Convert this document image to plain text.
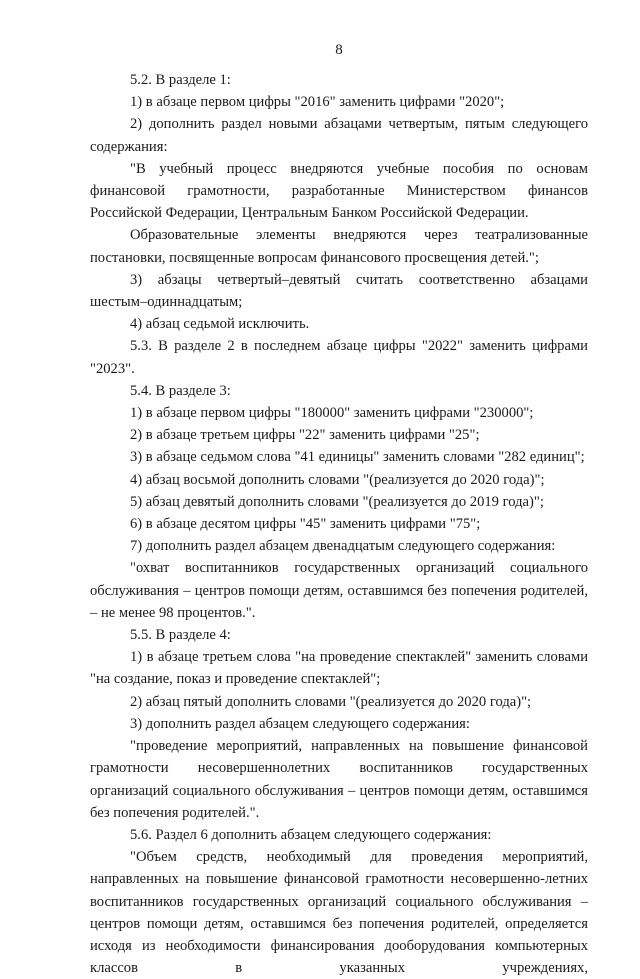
8

5.2. В разделе 1:

1) в абзаце первом цифры "2016" заменить цифрами "2020";

2) дополнить раздел новыми абзацами четвертым, пятым следующего содержания:

"В учебный процесс внедряются учебные пособия по основам финансовой грамотности, разработанные Министерством финансов Российской Федерации, Центральным Банком Российской Федерации.

Образовательные элементы внедряются через театрализованные постановки, посвященные вопросам финансового просвещения детей.";

3) абзацы четвертый–девятый считать соответственно абзацами шестым–одиннадцатым;

4) абзац седьмой исключить.

5.3. В разделе 2 в последнем абзаце цифры "2022" заменить цифрами "2023".

5.4. В разделе 3:

1) в абзаце первом цифры "180000" заменить цифрами "230000";

2) в абзаце третьем цифры "22" заменить цифрами "25";

3) в абзаце седьмом слова "41 единицы" заменить словами "282 единиц";

4) абзац восьмой дополнить словами "(реализуется до 2020 года)";

5) абзац девятый дополнить словами "(реализуется до 2019 года)";

6) в абзаце десятом цифры "45" заменить цифрами "75";

7) дополнить раздел абзацем двенадцатым следующего содержания:

"охват воспитанников государственных организаций социального обслуживания – центров помощи детям, оставшимся без попечения родителей, – не менее 98 процентов.".

5.5. В разделе 4:

1) в абзаце третьем слова "на проведение спектаклей" заменить словами "на создание, показ и проведение спектаклей";

2) абзац пятый дополнить словами "(реализуется до 2020 года)";

3) дополнить раздел абзацем следующего содержания:

"проведение мероприятий, направленных на повышение финансовой грамотности несовершеннолетних воспитанников государственных организаций социального обслуживания – центров помощи детям, оставшимся без попечения родителей.".

5.6. Раздел 6 дополнить абзацем следующего содержания:

"Объем средств, необходимый для проведения мероприятий, направленных на повышение финансовой грамотности несовершенно-летних воспитанников государственных организаций социального обслуживания – центров помощи детям, оставшимся без попечения родителей, определяется исходя из необходимости финансирования дооборудования компьютерных классов в указанных учреждениях,
